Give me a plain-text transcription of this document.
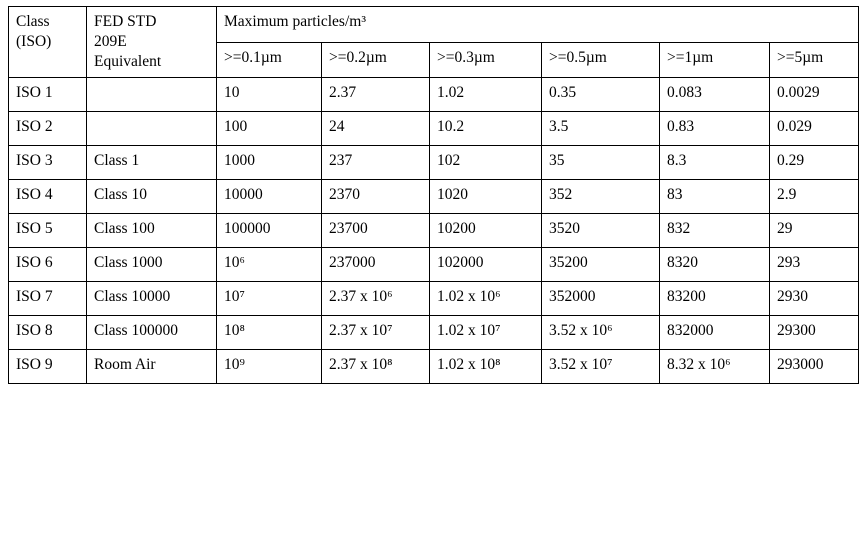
Class
(ISO)

FED STD
209E
Equivalent
	Maximum particles/m³
		>=0.1µm	>=0.2µm	>=0.3µm	>=0.5µm	>=1µm	>=5µm
ISO 1		10	2.37	1.02	0.35	0.083	0.0029
ISO 2		100	24	10.2	3.5	0.83	0.029
ISO 3	Class 1	1000	237	102	35	8.3	0.29
ISO 4	Class 10	10000	2370	1020	352	83	2.9
ISO 5	Class 100	100000	23700	10200	3520	832	29
ISO 6	Class 1000	10⁶	237000	102000	35200	8320	293
ISO 7	Class 10000	10⁷	2.37 x 10⁶	1.02 x 10⁶	352000	83200	2930
ISO 8	Class 100000	10⁸	2.37 x 10⁷	1.02 x 10⁷	3.52 x 10⁶	832000	29300
ISO 9	Room Air	10⁹	2.37 x 10⁸	1.02 x 10⁸	3.52 x 10⁷	8.32 x 10⁶	293000
